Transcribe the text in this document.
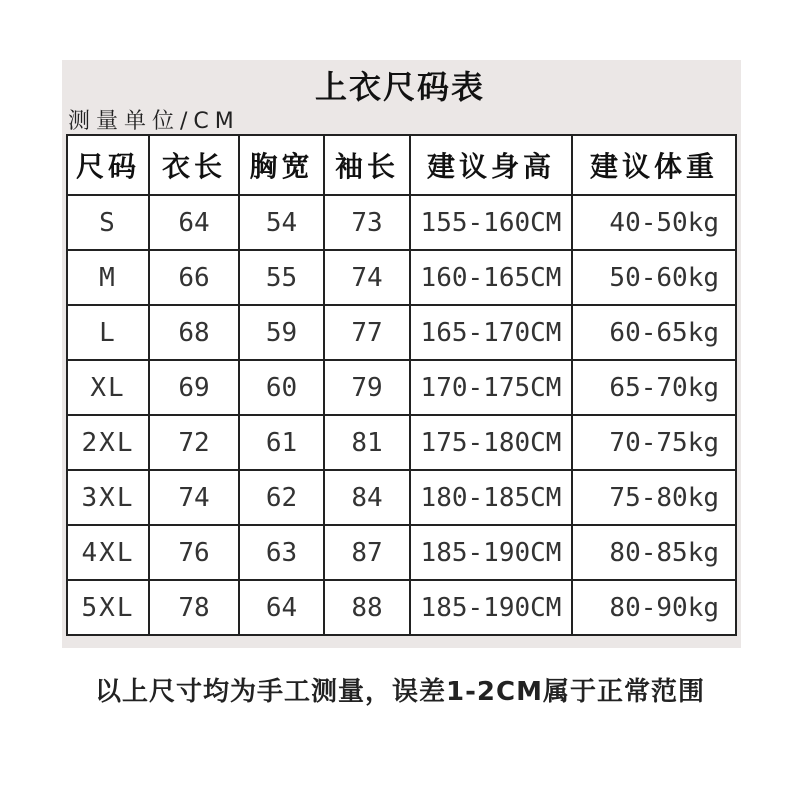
上衣尺码表
测量单位/CM
尺码	衣长	胸宽	袖长	建议身高	建议体重
S	64	54	73	155-160CM	40-50kg
M	66	55	74	160-165CM	50-60kg
L	68	59	77	165-170CM	60-65kg
XL	69	60	79	170-175CM	65-70kg
2XL	72	61	81	175-180CM	70-75kg
3XL	74	62	84	180-185CM	75-80kg
4XL	76	63	87	185-190CM	80-85kg
5XL	78	64	88	185-190CM	80-90kg
以上尺寸均为手工测量，误差1-2CM属于正常范围
